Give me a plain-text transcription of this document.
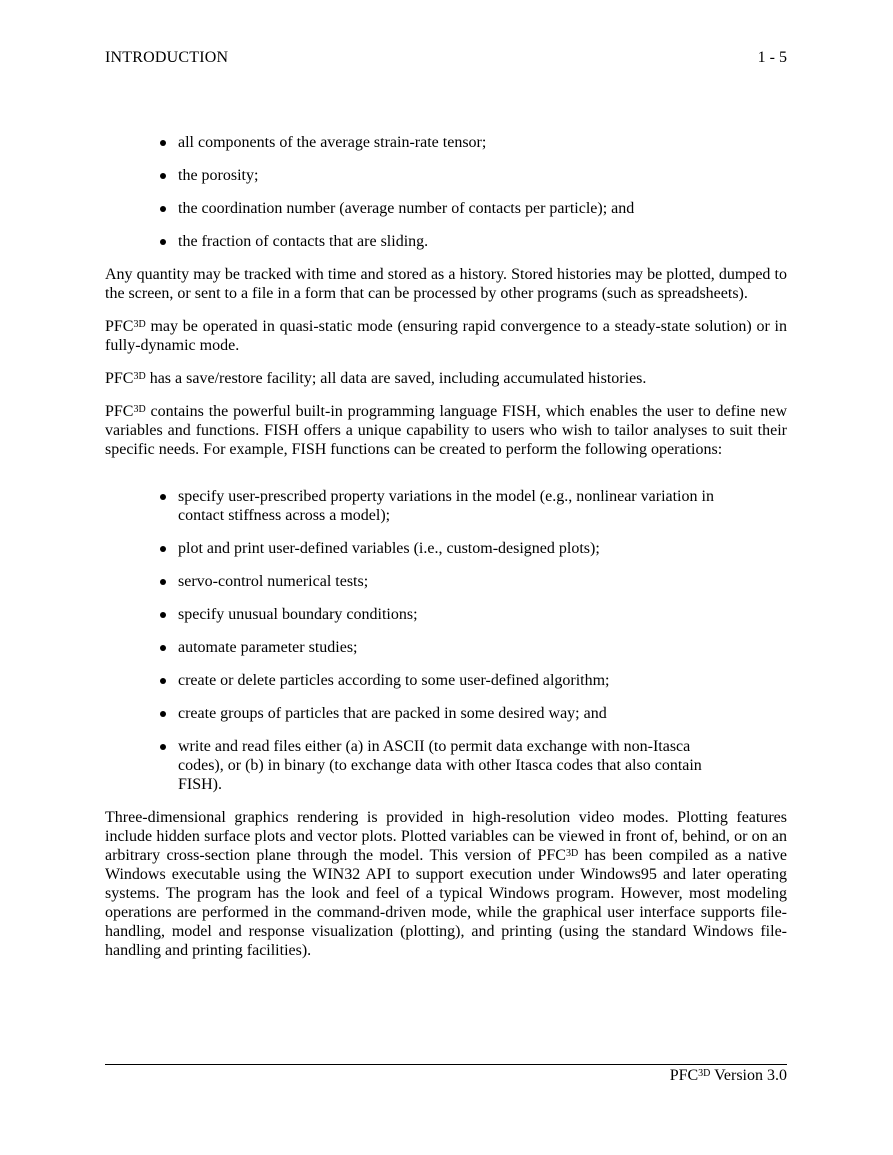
INTRODUCTION	1 - 5
all components of the average strain-rate tensor;
the porosity;
the coordination number (average number of contacts per particle); and
the fraction of contacts that are sliding.

Any quantity may be tracked with time and stored as a history. Stored histories may be plotted, dumped to the screen, or sent to a file in a form that can be processed by other programs (such as spreadsheets).

$PFC^{3D}$ may be operated in quasi-static mode (ensuring rapid convergence to a steady-state solution) or in fully-dynamic mode.

$PFC^{3D}$ has a save/restore facility; all data are saved, including accumulated histories.

$PFC^{3D}$ contains the powerful built-in programming language FISH, which enables the user to define new variables and functions. FISH offers a unique capability to users who wish to tailor analyses to suit their specific needs. For example, FISH functions can be created to perform the following operations:

specify user-prescribed property variations in the model (e.g., nonlinear variation in contact stiffness across a model);
plot and print user-defined variables (i.e., custom-designed plots);
servo-control numerical tests;
specify unusual boundary conditions;
automate parameter studies;
create or delete particles according to some user-defined algorithm;
create groups of particles that are packed in some desired way; and
write and read files either (a) in ASCII (to permit data exchange with non-Itasca codes), or (b) in binary (to exchange data with other Itasca codes that also contain FISH).

Three-dimensional graphics rendering is provided in high-resolution video modes. Plotting features include hidden surface plots and vector plots. Plotted variables can be viewed in front of, behind, or on an arbitrary cross-section plane through the model. This version of $PFC^{3D}$ has been compiled as a native Windows executable using the WIN32 API to support execution under Windows95 and later operating systems. The program has the look and feel of a typical Windows program. However, most modeling operations are performed in the command-driven mode, while the graphical user interface supports file-handling, model and response visualization (plotting), and printing (using the standard Windows file-handling and printing facilities).

$PFC^{3D}$ Version 3.0
